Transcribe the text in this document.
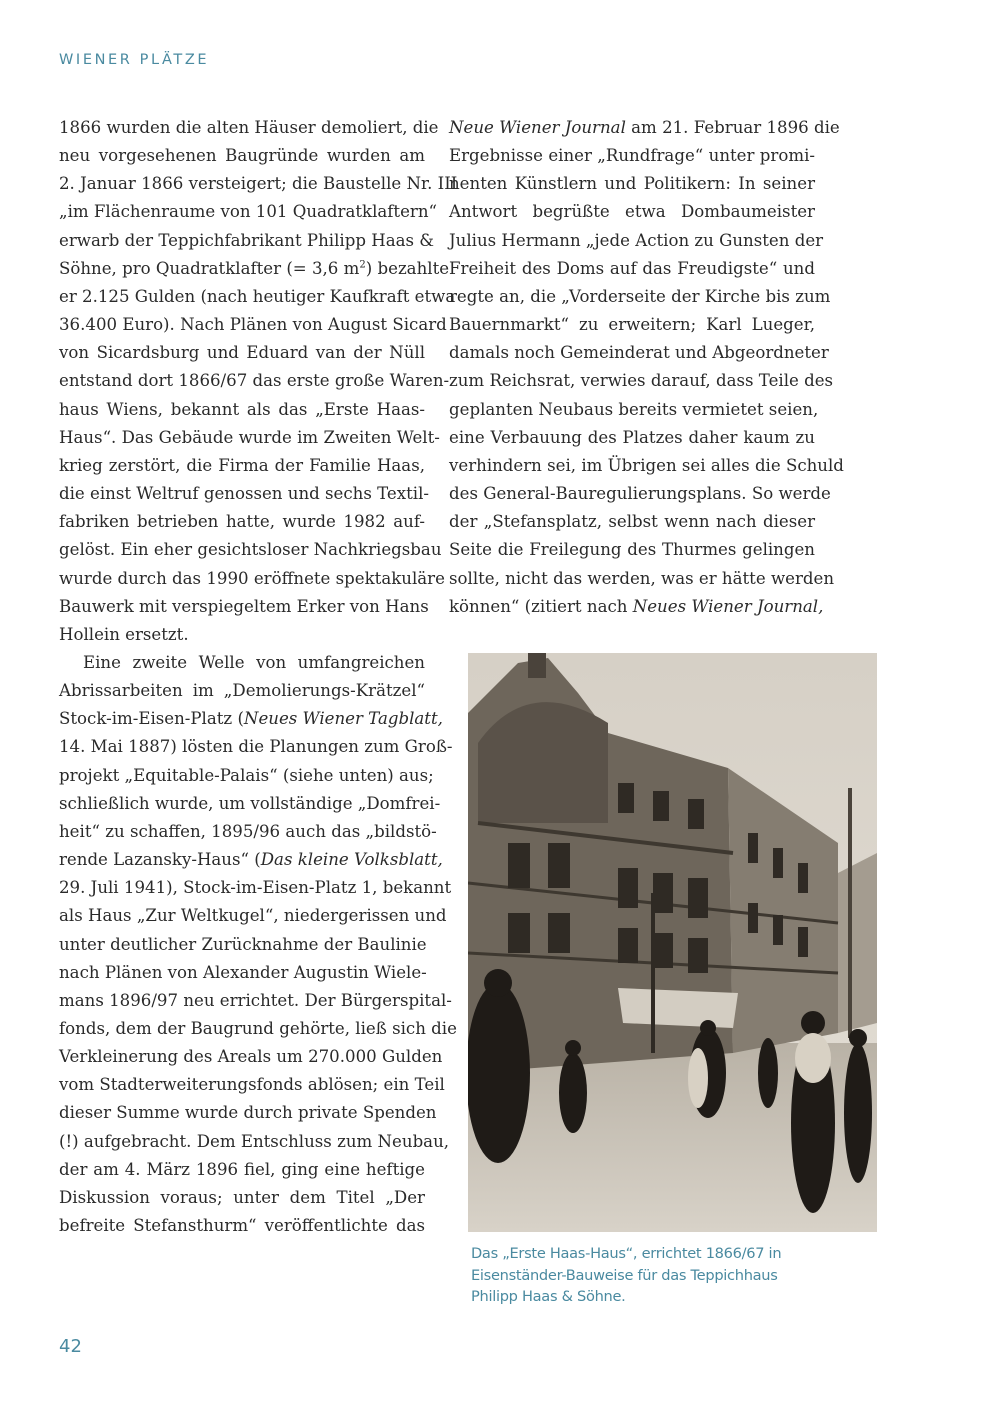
WIENER PLÄTZE

1866 wurden die alten Häuser demoliert, die
neu vorgesehenen Baugründe wurden am
2. Januar 1866 versteigert; die Baustelle Nr. III
„im Flächenraume von 101 Quadratklaftern“
erwarb der Teppichfabrikant Philipp Haas &
Söhne, pro Quadratklafter (= 3,6 $m^2$) bezahlte
er 2.125 Gulden (nach heutiger Kaufkraft etwa
36.400 Euro). Nach Plänen von August Sicard
von Sicardsburg und Eduard van der Nüll
entstand dort 1866/67 das erste große Waren-
haus Wiens, bekannt als das „Erste Haas-
Haus“. Das Gebäude wurde im Zweiten Welt-
krieg zerstört, die Firma der Familie Haas,
die einst Weltruf genossen und sechs Textil-
fabriken betrieben hatte, wurde 1982 auf-
gelöst. Ein eher gesichtsloser Nachkriegsbau
wurde durch das 1990 eröffnete spektakuläre
Bauwerk mit verspiegeltem Erker von Hans
Hollein ersetzt.

Eine zweite Welle von umfangreichen
Abrissarbeiten im „Demolierungs-Krätzel“
Stock-im-Eisen-Platz (Neues Wiener Tagblatt,
14. Mai 1887) lösten die Planungen zum Groß-
projekt „Equitable-Palais“ (siehe unten) aus;
schließlich wurde, um vollständige „Domfrei-
heit“ zu schaffen, 1895/96 auch das „bildstö-
rende Lazansky-Haus“ (Das kleine Volksblatt,
29. Juli 1941), Stock-im-Eisen-Platz 1, bekannt
als Haus „Zur Weltkugel“, niedergerissen und
unter deutlicher Zurücknahme der Baulinie
nach Plänen von Alexander Augustin Wiele-
mans 1896/97 neu errichtet. Der Bürgerspital-
fonds, dem der Baugrund gehörte, ließ sich die
Verkleinerung des Areals um 270.000 Gulden
vom Stadterweiterungsfonds ablösen; ein Teil
dieser Summe wurde durch private Spenden
(!) aufgebracht. Dem Entschluss zum Neubau,
der am 4. März 1896 fiel, ging eine heftige
Diskussion voraus; unter dem Titel „Der
befreite Stefansthurm“ veröffentlichte das

Neue Wiener Journal am 21. Februar 1896 die
Ergebnisse einer „Rundfrage“ unter promi-
nenten Künstlern und Politikern: In seiner
Antwort begrüßte etwa Dombaumeister
Julius Hermann „jede Action zu Gunsten der
Freiheit des Doms auf das Freudigste“ und
regte an, die „Vorderseite der Kirche bis zum
Bauernmarkt“ zu erweitern; Karl Lueger,
damals noch Gemeinderat und Abgeordneter
zum Reichsrat, verwies darauf, dass Teile des
geplanten Neubaus bereits vermietet seien,
eine Verbauung des Platzes daher kaum zu
verhindern sei, im Übrigen sei alles die Schuld
des General-Bauregulierungsplans. So werde
der „Stefansplatz, selbst wenn nach dieser
Seite die Freilegung des Thurmes gelingen
sollte, nicht das werden, was er hätte werden
können“ (zitiert nach Neues Wiener Journal,

Das „Erste Haas-Haus“, errichtet 1866/67 in
Eisenständer-Bauweise für das Teppichhaus
Philipp Haas & Söhne.
42
